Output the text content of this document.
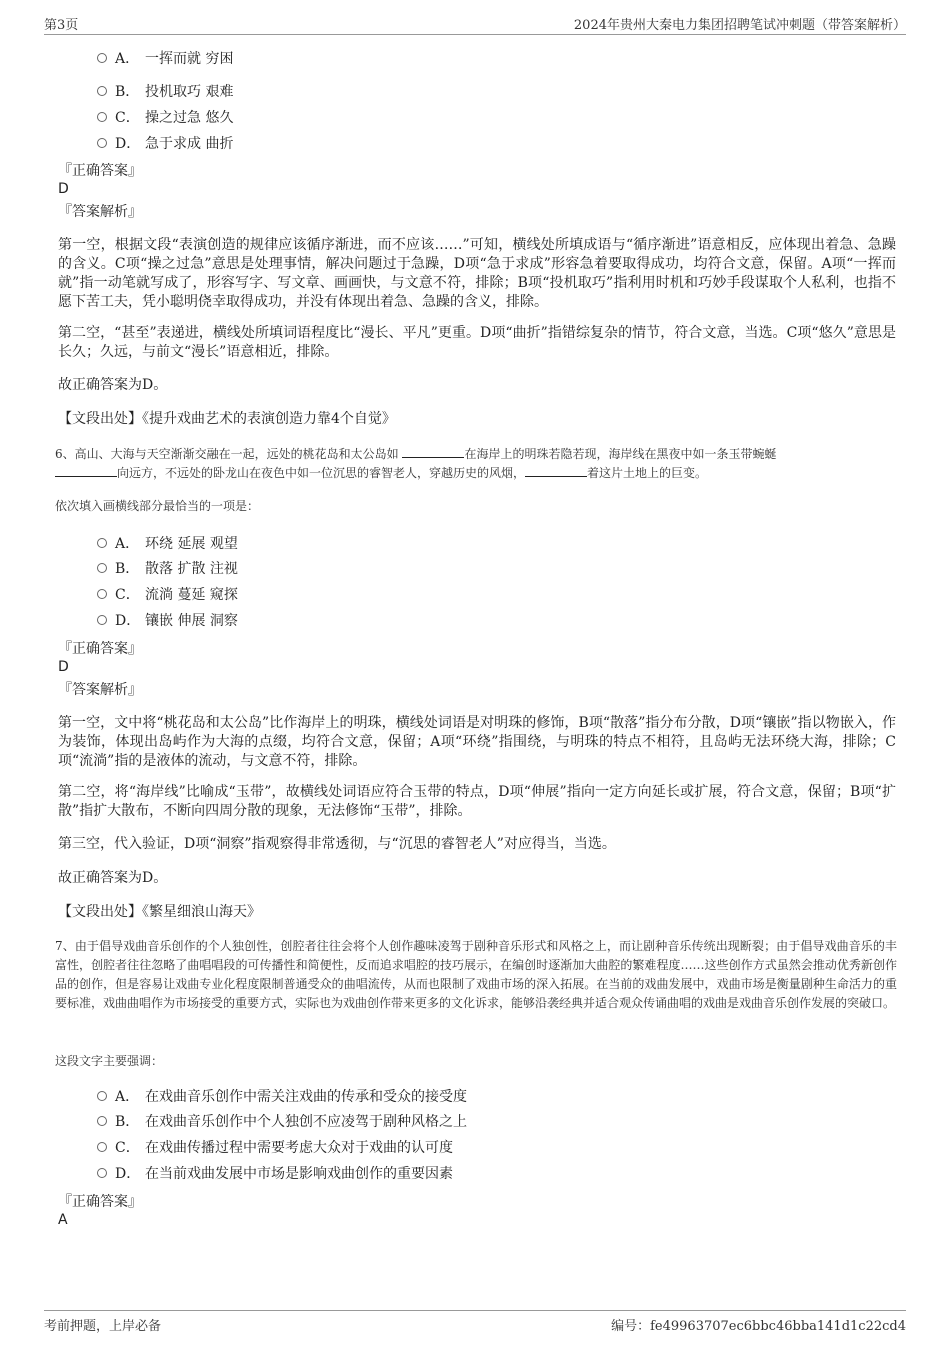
第3页	2024年贵州大秦电力集团招聘笔试冲刺题（带答案解析）
A． 一挥而就 穷困
B． 投机取巧 艰难
C． 操之过急 悠久
D． 急于求成 曲折
『正确答案』
D
『答案解析』
第一空，根据文段“表演创造的规律应该循序渐进，而不应该……”可知，横线处所填成语与“循序渐进”语意相反，应体现出着急、急躁的含义。C项“操之过急”意思是处理事情，解决问题过于急躁，D项“急于求成”形容急着要取得成功，均符合文意，保留。A项“一挥而就”指一动笔就写成了，形容写字、写文章、画画快，与文意不符，排除；B项“投机取巧”指利用时机和巧妙手段谋取个人私利，也指不愿下苦工夫，凭小聪明侥幸取得成功，并没有体现出着急、急躁的含义，排除。
第二空，“甚至”表递进，横线处所填词语程度比“漫长、平凡”更重。D项“曲折”指错综复杂的情节，符合文意，当选。C项“悠久”意思是长久；久远，与前文“漫长”语意相近，排除。
故正确答案为D。
【文段出处】《提升戏曲艺术的表演创造力靠4个自觉》
6、高山、大海与天空渐渐交融在一起，远处的桃花岛和太公岛如	在海岸上的明珠若隐若现，海岸线在黑夜中如一条玉带蜿蜒
向远方，不远处的卧龙山在夜色中如一位沉思的睿智老人，穿越历史的风烟，	着这片土地上的巨变。
依次填入画横线部分最恰当的一项是：
A． 环绕 延展 观望
B． 散落 扩散 注视
C． 流淌 蔓延 窥探
D． 镶嵌 伸展 洞察
『正确答案』
D
『答案解析』
第一空，文中将“桃花岛和太公岛”比作海岸上的明珠，横线处词语是对明珠的修饰，B项“散落”指分布分散，D项“镶嵌”指以物嵌入，作为装饰，体现出岛屿作为大海的点缀，均符合文意，保留；A项“环绕”指围绕，与明珠的特点不相符，且岛屿无法环绕大海，排除；C项“流淌”指的是液体的流动，与文意不符，排除。
第二空，将“海岸线”比喻成“玉带”，故横线处词语应符合玉带的特点，D项“伸展”指向一定方向延长或扩展，符合文意，保留；B项“扩散”指扩大散布，不断向四周分散的现象，无法修饰“玉带”，排除。
第三空，代入验证，D项“洞察”指观察得非常透彻，与“沉思的睿智老人”对应得当，当选。
故正确答案为D。
【文段出处】《繁星细浪山海天》
7、由于倡导戏曲音乐创作的个人独创性，创腔者往往会将个人创作趣味凌驾于剧种音乐形式和风格之上，而让剧种音乐传统出现断裂；由于倡导戏曲音乐的丰富性，创腔者往往忽略了曲唱唱段的可传播性和简便性，反而追求唱腔的技巧展示，在编创时逐渐加大曲腔的繁难程度……这些创作方式虽然会推动优秀新创作品的创作，但是容易让戏曲专业化程度限制普通受众的曲唱流传，从而也限制了戏曲市场的深入拓展。在当前的戏曲发展中，戏曲市场是衡量剧种生命活力的重要标准，戏曲曲唱作为市场接受的重要方式，实际也为戏曲创作带来更多的文化诉求，能够沿袭经典并适合观众传诵曲唱的戏曲是戏曲音乐创作发展的突破口。
这段文字主要强调：
A． 在戏曲音乐创作中需关注戏曲的传承和受众的接受度
B． 在戏曲音乐创作中个人独创不应凌驾于剧种风格之上
C． 在戏曲传播过程中需要考虑大众对于戏曲的认可度
D． 在当前戏曲发展中市场是影响戏曲创作的重要因素
『正确答案』
A
考前押题，上岸必备	编号：fe49963707ec6bbc46bba141d1c22cd4
